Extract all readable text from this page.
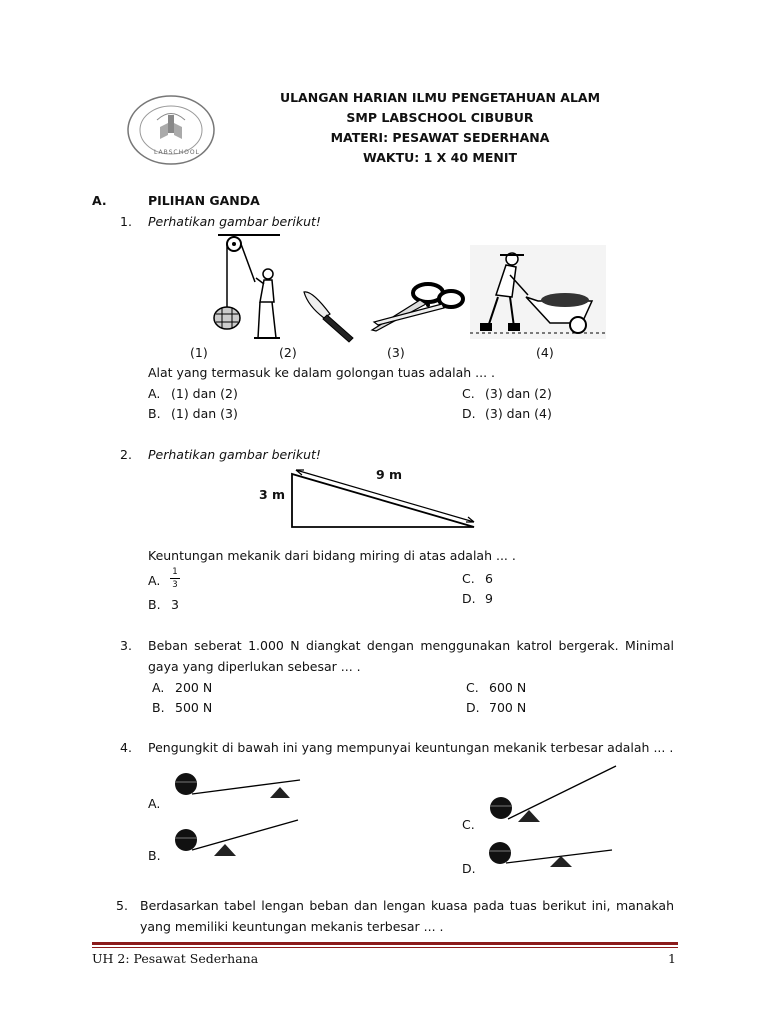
LABSCHOOL
ULANGAN HARIAN ILMU PENGETAHUAN ALAM
SMP LABSCHOOL CIBUBUR
MATERI: PESAWAT SEDERHANA
WAKTU: 1 X 40 MENIT
A.	PILIHAN GANDA
1. Perhatikan gambar berikut!
(1)	(2)	(3)	(4)
Alat yang termasuk ke dalam golongan tuas adalah ... .
A. (1) dan (2)
B. (1) dan (3)
C. (3) dan (2)
D. (3) dan (4)
2. Perhatikan gambar berikut!
9 m
3 m
Keuntungan mekanik dari bidang miring di atas adalah ... .
A.
1
3
B. 3
C. 6
D. 9
3. Beban seberat 1.000 N diangkat dengan menggunakan katrol bergerak. Minimal
gaya yang diperlukan sebesar ... .
A. 200 N
B. 500 N
C. 600 N
D. 700 N
4. Pengungkit di bawah ini yang mempunyai keuntungan mekanik terbesar adalah ... .
A.
B.
C.
D.
5. Berdasarkan tabel lengan beban dan lengan kuasa pada tuas berikut ini, manakah
yang memiliki keuntungan mekanis terbesar ... .
UH 2: Pesawat Sederhana	1
